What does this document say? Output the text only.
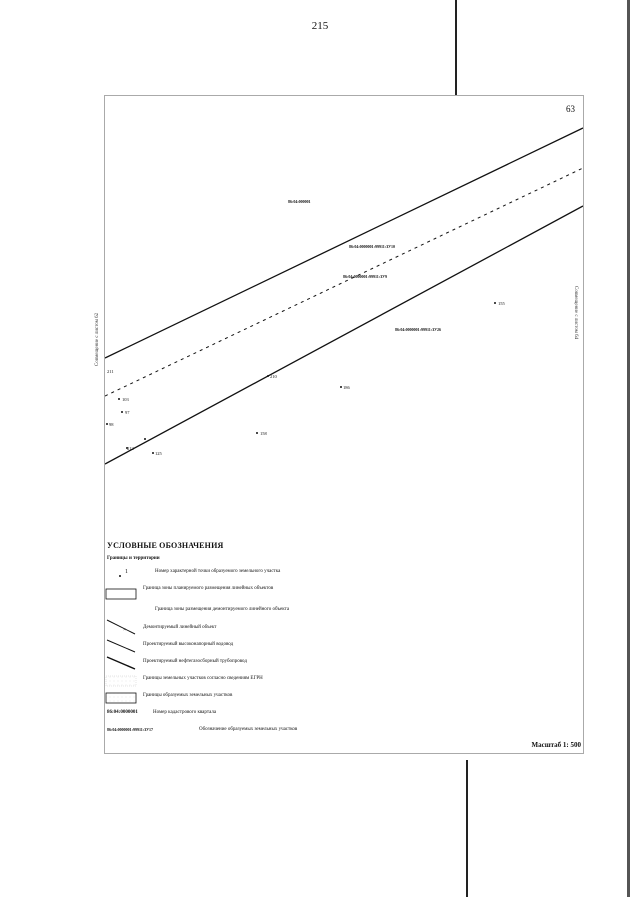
215
155
211
210
186
103
97
98
158
212
125
86:04:000001
86:04:0000001:99911:ЗУ10
86:04:0000001:99911:ЗУ9
86:04:0000001:99911:ЗУ26
×
63
Совмещение с листом 62
Совмещение с листом 64
УСЛОВНЫЕ ОБОЗНАЧЕНИЯ
Границы и территории
1	Номер характерной точки образуемого земельного участка
Граница зоны планируемого размещения линейных объектов
Граница зоны размещения демонтируемого линейного объекта
Демонтируемый линейный объект
Проектируемый высоконапорный водовод
Проектируемый нефтегазосборный трубопровод
Границы земельных участков согласно сведениям ЕГРН
Границы образуемых земельных участков
86:04:0000001	Номер кадастрового квартала
86:04:0000001:99911:ЗУ17	Обозначение образуемых земельных участков
Масштаб 1: 500
